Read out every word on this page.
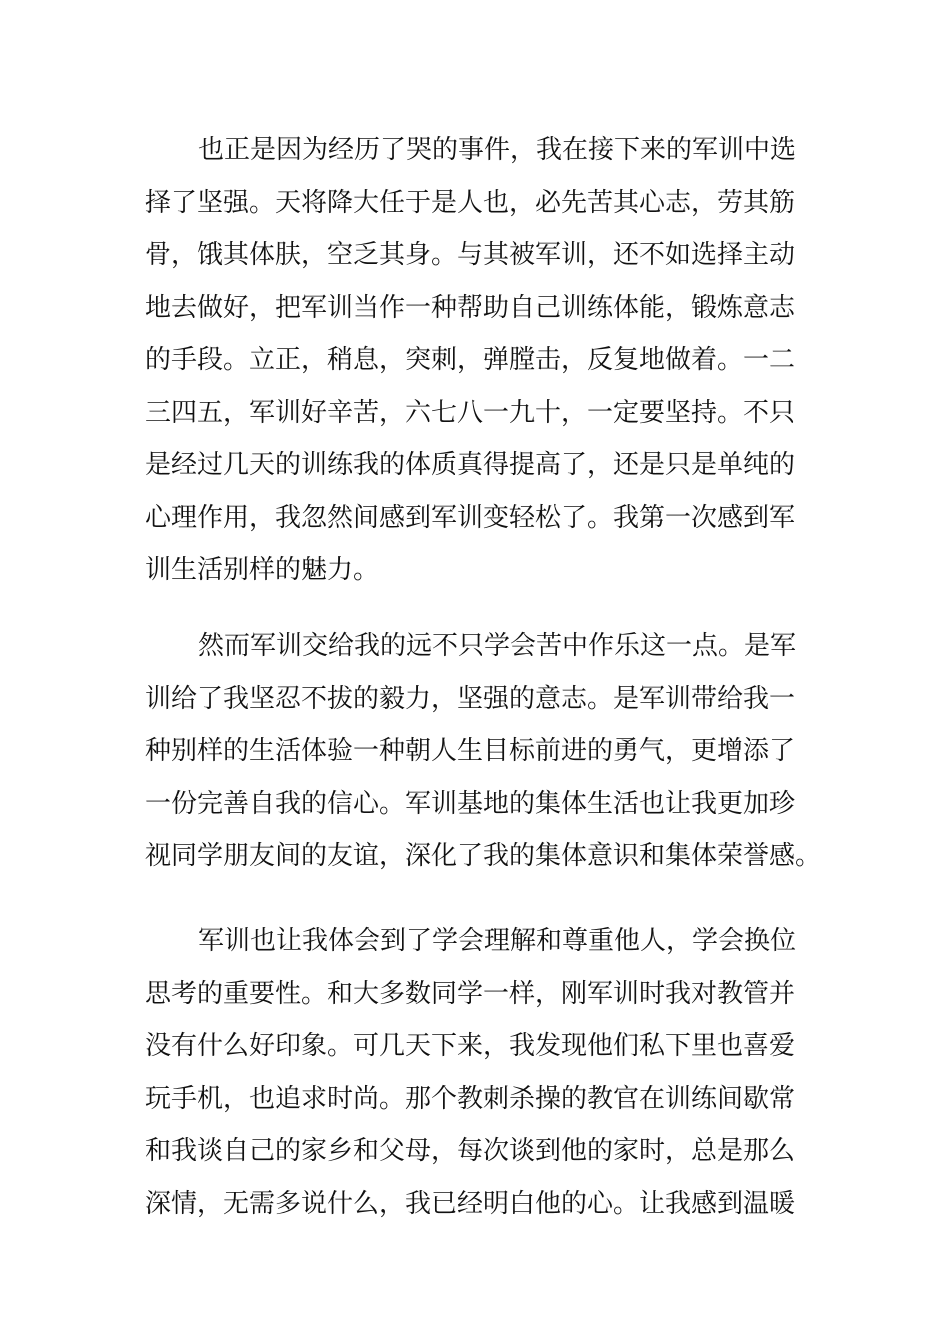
也正是因为经历了哭的事件，我在接下来的军训中选
择了坚强。天将降大任于是人也，必先苦其心志，劳其筋
骨，饿其体肤，空乏其身。与其被军训，还不如选择主动
地去做好，把军训当作一种帮助自己训练体能，锻炼意志
的手段。立正，稍息，突刺，弹膛击，反复地做着。一二
三四五，军训好辛苦，六七八一九十，一定要坚持。不只
是经过几天的训练我的体质真得提高了，还是只是单纯的
心理作用，我忽然间感到军训变轻松了。我第一次感到军
训生活别样的魅力。

然而军训交给我的远不只学会苦中作乐这一点。是军
训给了我坚忍不拔的毅力，坚强的意志。是军训带给我一
种别样的生活体验一种朝人生目标前进的勇气，更增添了
一份完善自我的信心。军训基地的集体生活也让我更加珍
视同学朋友间的友谊，深化了我的集体意识和集体荣誉感。

军训也让我体会到了学会理解和尊重他人，学会换位
思考的重要性。和大多数同学一样，刚军训时我对教管并
没有什么好印象。可几天下来，我发现他们私下里也喜爱
玩手机，也追求时尚。那个教刺杀操的教官在训练间歇常
和我谈自己的家乡和父母，每次谈到他的家时，总是那么
深情，无需多说什么，我已经明白他的心。让我感到温暖
